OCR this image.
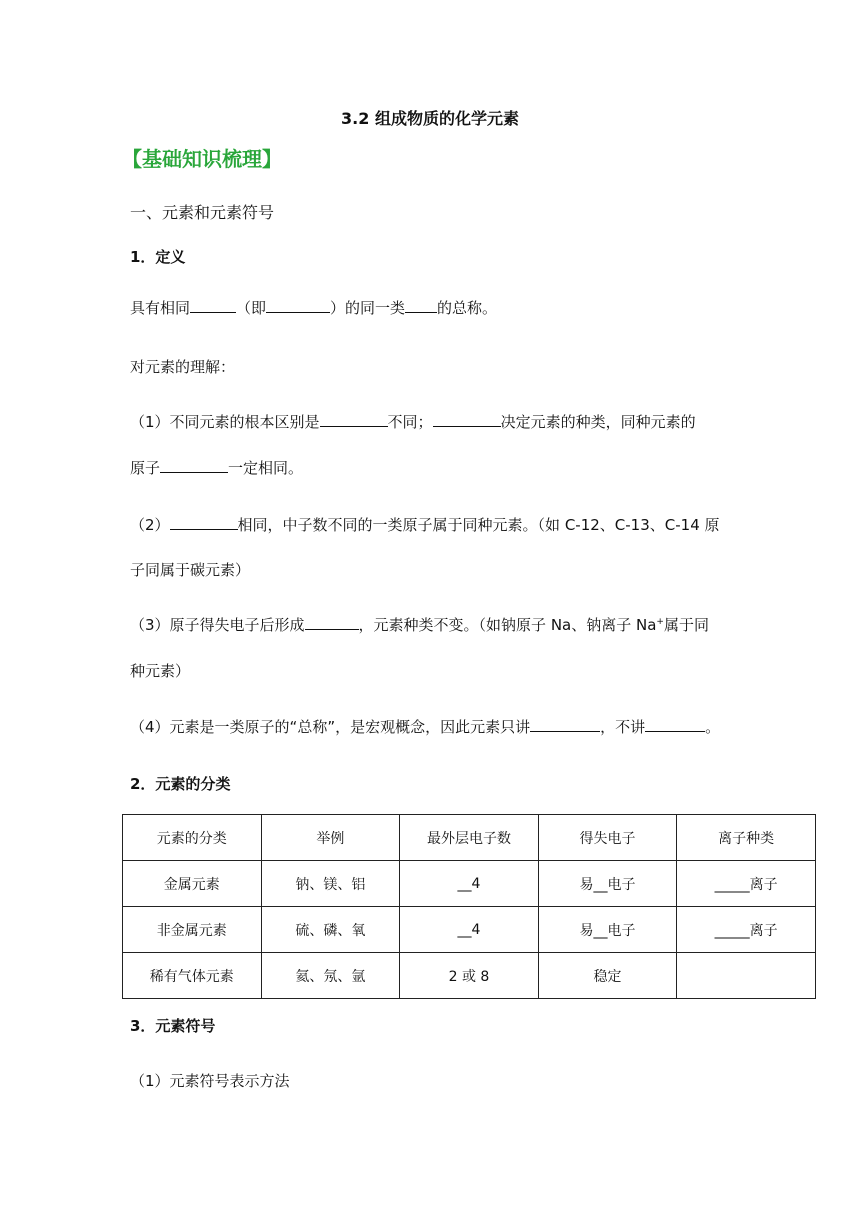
3.2 组成物质的化学元素
【基础知识梳理】
一、元素和元素符号
1．定义
具有相同	（即	）的同一类 的总称。
对元素的理解：
（1）不同元素的根本区别是	不同；	决定元素的种类，同种元素的
原子	一定相同。
（2）	相同，中子数不同的一类原子属于同种元素。（如 C-12、C-13、C-14 原
子同属于碳元素）
（3）原子得失电子后形成	，元素种类不变。（如钠原子 Na、钠离子 Na+属于同
种元素）
（4）元素是一类原子的“总称”，是宏观概念，因此元素只讲	，不讲	。
2．元素的分类
元素的分类	举例	最外层电子数	得失电子	离子种类
金属元素	钠、镁、铝	__4	易__电子	_____离子
非金属元素	硫、磷、氧	__4	易__电子	_____离子
稀有气体元素	氦、氖、氩	2 或 8	稳定	
3．元素符号
（1）元素符号表示方法
